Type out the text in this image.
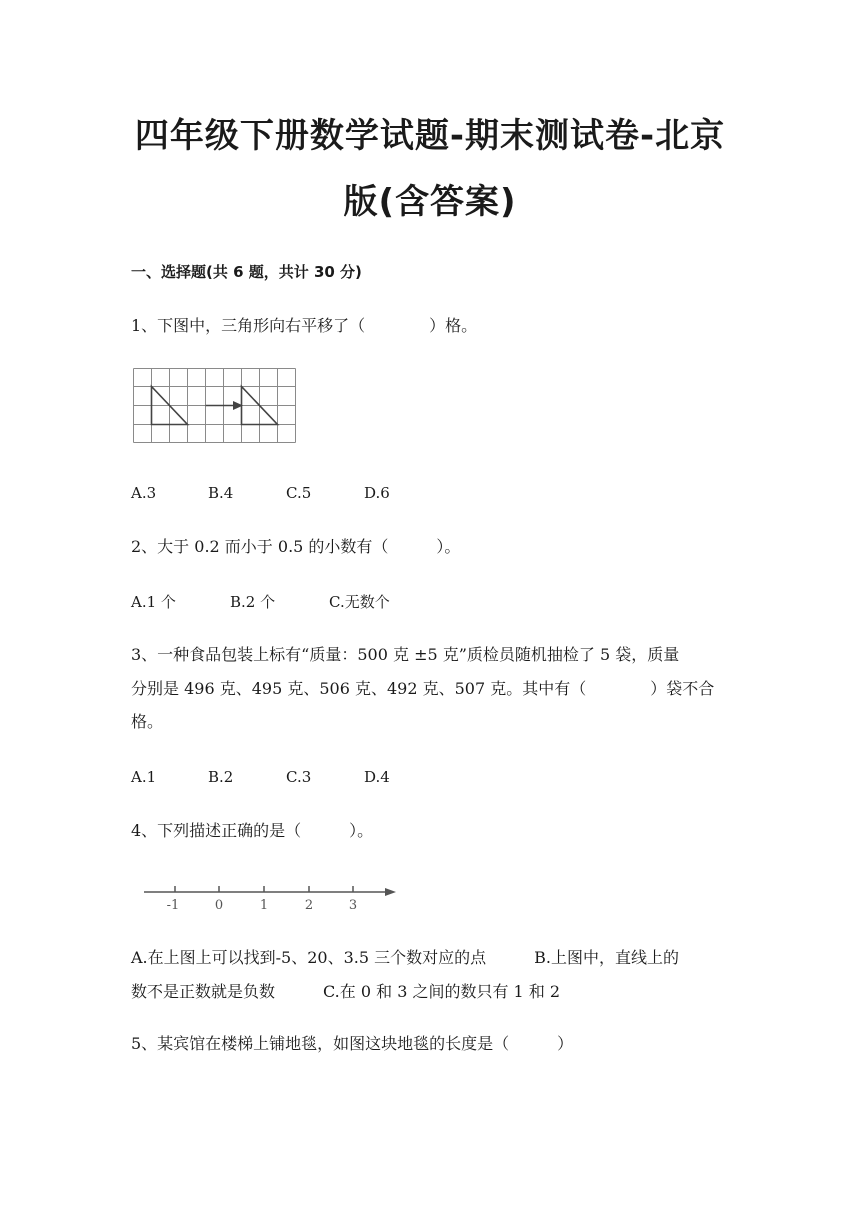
四年级下册数学试题-期末测试卷-北京
版(含答案)
一、选择题(共 6 题，共计 30 分)
1、下图中，三角形向右平移了（　　　　）格。
A.3	B.4	C.5	D.6
2、大于 0.2 而小于 0.5 的小数有（　　　）。
A.1 个	B.2 个	C.无数个
3、一种食品包装上标有“质量：500 克 ±5 克”质检员随机抽检了 5 袋，质量
分别是 496 克、495 克、506 克、492 克、507 克。其中有（　　　　）袋不合
格。
A.1	B.2	C.3	D.4
4、下列描述正确的是（　　　）。
-1	0	1	2	3
A.在上图上可以找到-5、20、3.5 三个数对应的点　　　B.上图中，直线上的
数不是正数就是负数　　　C.在 0 和 3 之间的数只有 1 和 2
5、某宾馆在楼梯上铺地毯，如图这块地毯的长度是（　　　）
